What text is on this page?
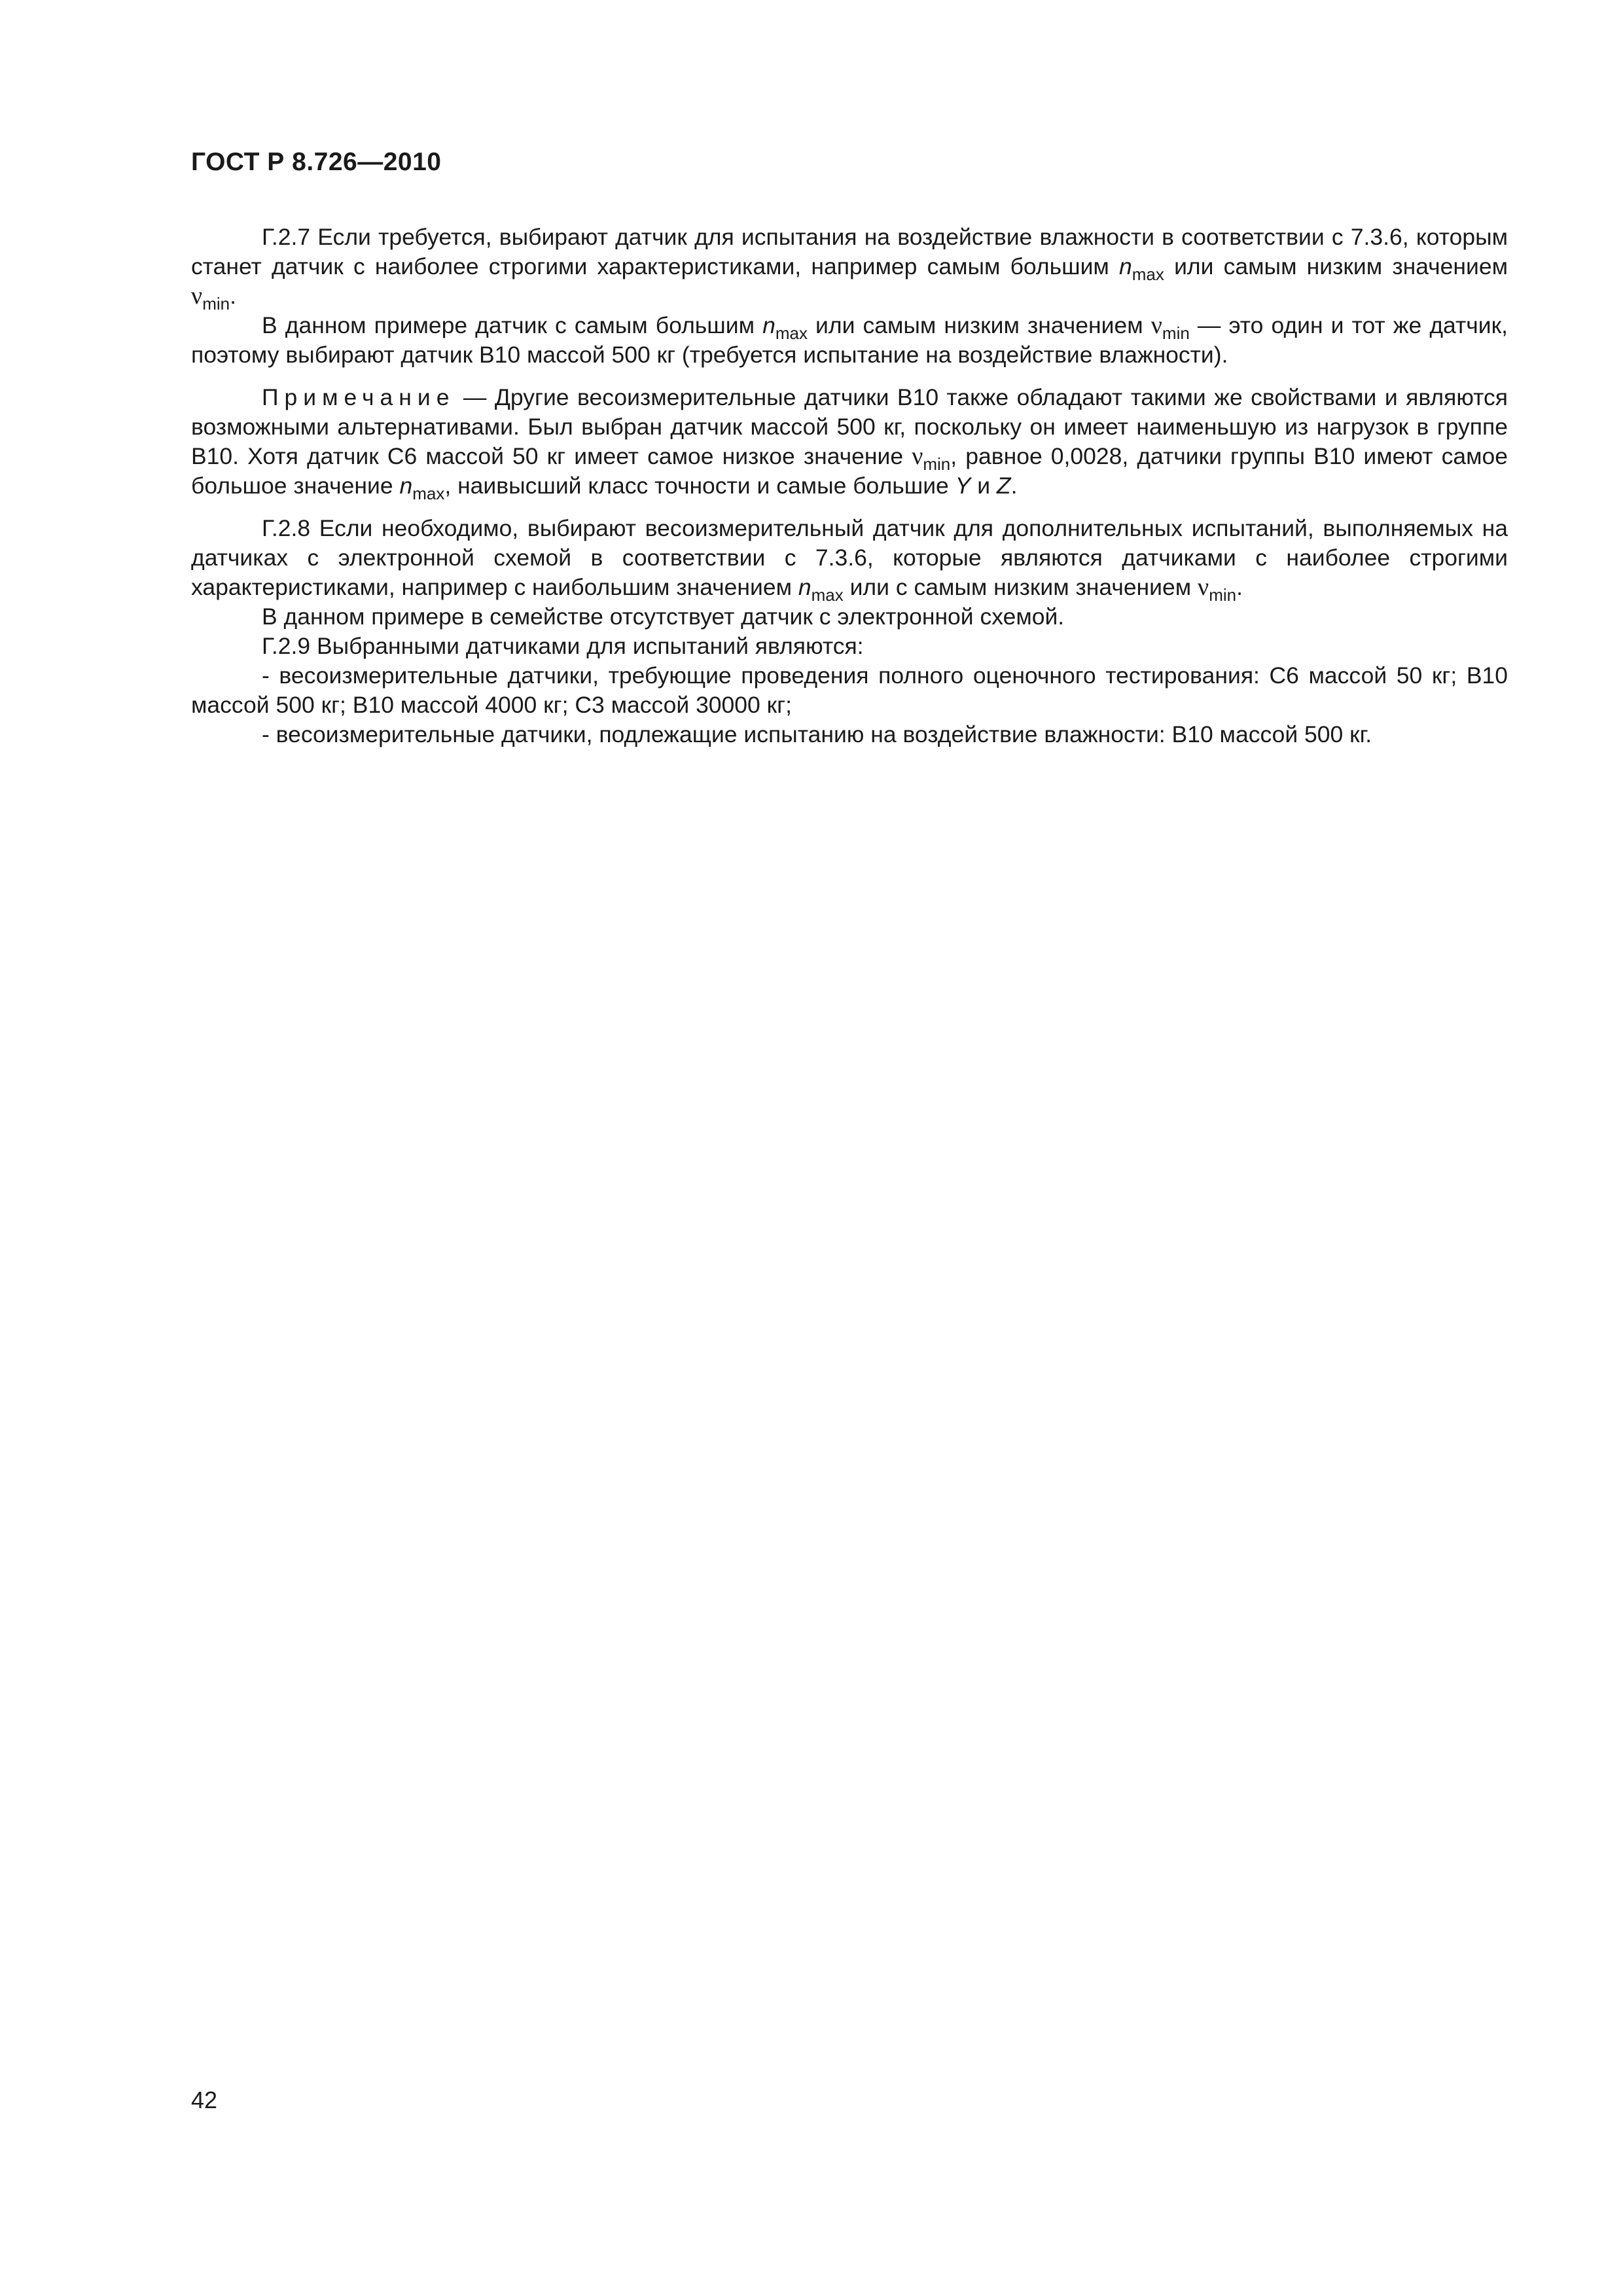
ГОСТ Р 8.726—2010

Г.2.7 Если требуется, выбирают датчик для испытания на воздействие влажности в соответствии с 7.3.6, которым станет датчик с наиболее строгими характеристиками, например самым большим $n_{max}$ или самым низким значением $\nu_{min}$.

В данном примере датчик с самым большим $n_{max}$ или самым низким значением $\nu_{min}$ — это один и тот же датчик, поэтому выбирают датчик В10 массой 500 кг (требуется испытание на воздействие влажности).

Примечание — Другие весоизмерительные датчики В10 также обладают такими же свойствами и являются возможными альтернативами. Был выбран датчик массой 500 кг, поскольку он имеет наименьшую из нагрузок в группе В10. Хотя датчик С6 массой 50 кг имеет самое низкое значение $\nu_{min}$, равное 0,0028, датчики группы В10 имеют самое большое значение $n_{max}$, наивысший класс точности и самые большие Y и Z.

Г.2.8 Если необходимо, выбирают весоизмерительный датчик для дополнительных испытаний, выполняемых на датчиках с электронной схемой в соответствии с 7.3.6, которые являются датчиками с наиболее строгими характеристиками, например с наибольшим значением $n_{max}$ или с самым низким значением $\nu_{min}$.

В данном примере в семействе отсутствует датчик с электронной схемой.

Г.2.9 Выбранными датчиками для испытаний являются:

- весоизмерительные датчики, требующие проведения полного оценочного тестирования: С6 массой 50 кг; В10 массой 500 кг; В10 массой 4000 кг; С3 массой 30000 кг;

- весоизмерительные датчики, подлежащие испытанию на воздействие влажности: В10 массой 500 кг.

42
